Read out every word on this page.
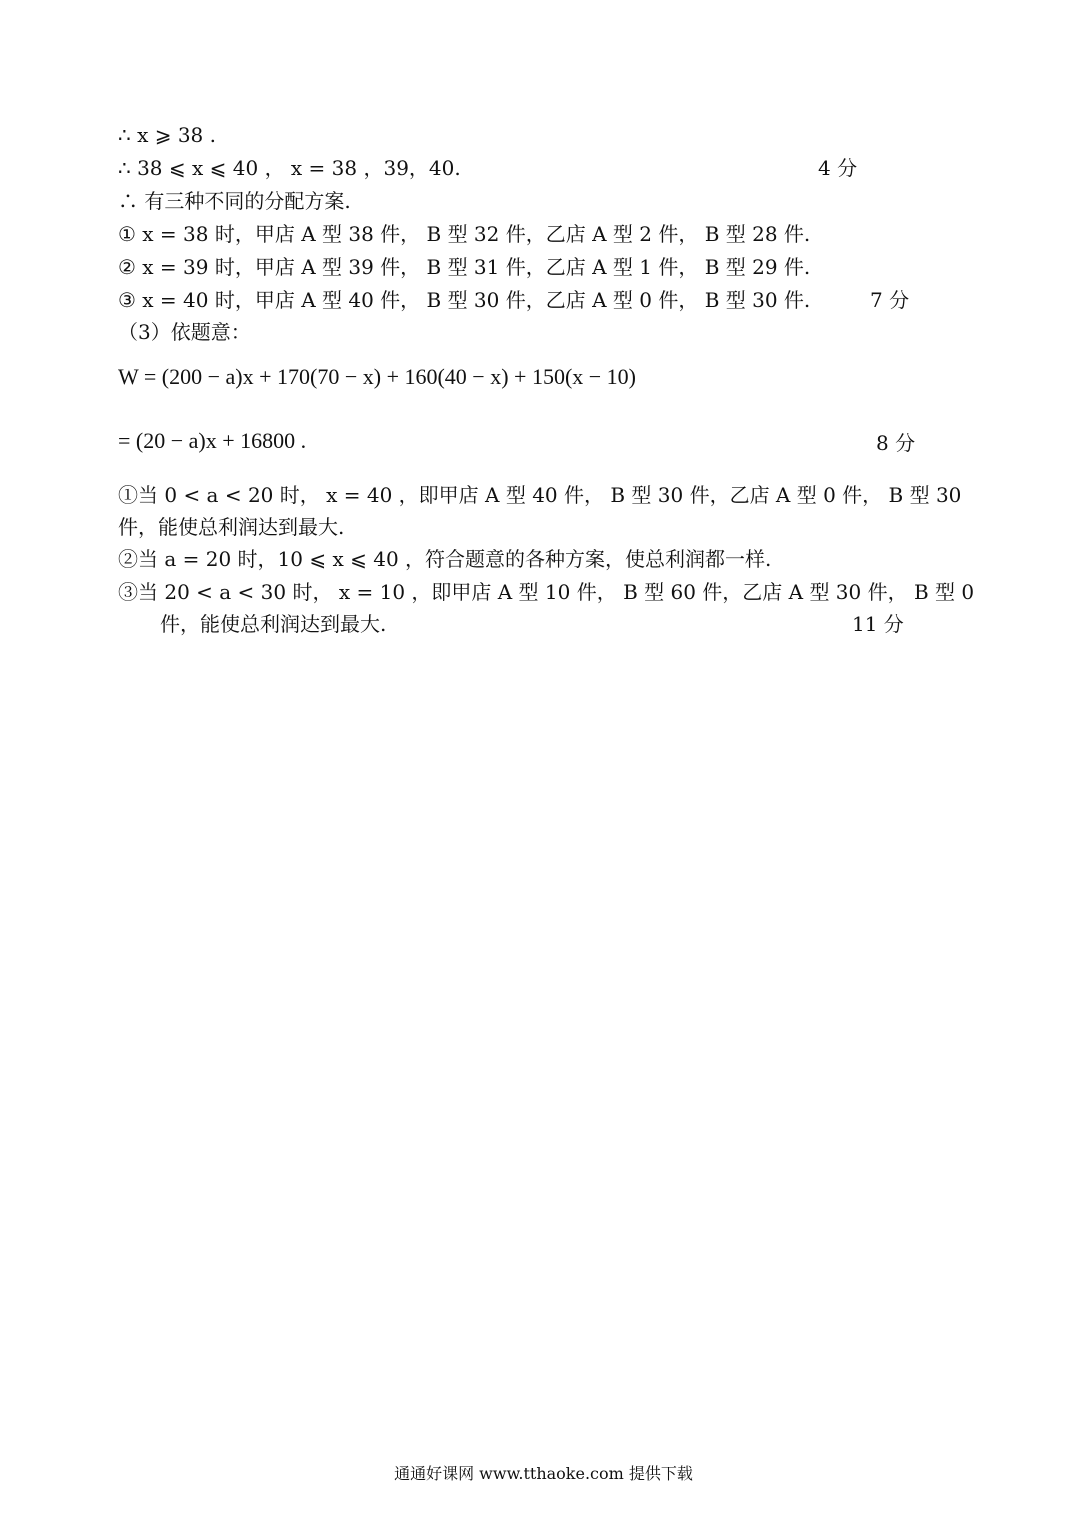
∴ x ⩾ 38 .
∴ 38 ⩽ x ⩽ 40 ， x = 38 ，39，40.	4 分
∴ 有三种不同的分配方案.
① x = 38 时，甲店 A 型 38 件， B 型 32 件，乙店 A 型 2 件， B 型 28 件.
② x = 39 时，甲店 A 型 39 件， B 型 31 件，乙店 A 型 1 件， B 型 29 件.
③ x = 40 时，甲店 A 型 40 件， B 型 30 件，乙店 A 型 0 件， B 型 30 件.	7 分
（3）依题意：
W = (200 − a)x + 170(70 − x) + 160(40 − x) + 150(x − 10)
= (20 − a)x + 16800 .	8 分
①当 0 < a < 20 时， x = 40 ，即甲店 A 型 40 件， B 型 30 件，乙店 A 型 0 件， B 型 30
件，能使总利润达到最大.
②当 a = 20 时，10 ⩽ x ⩽ 40 ，符合题意的各种方案，使总利润都一样.
③当 20 < a < 30 时， x = 10 ，即甲店 A 型 10 件， B 型 60 件，乙店 A 型 30 件， B 型 0
件，能使总利润达到最大.	11 分
通通好课网 www.tthaoke.com 提供下载
